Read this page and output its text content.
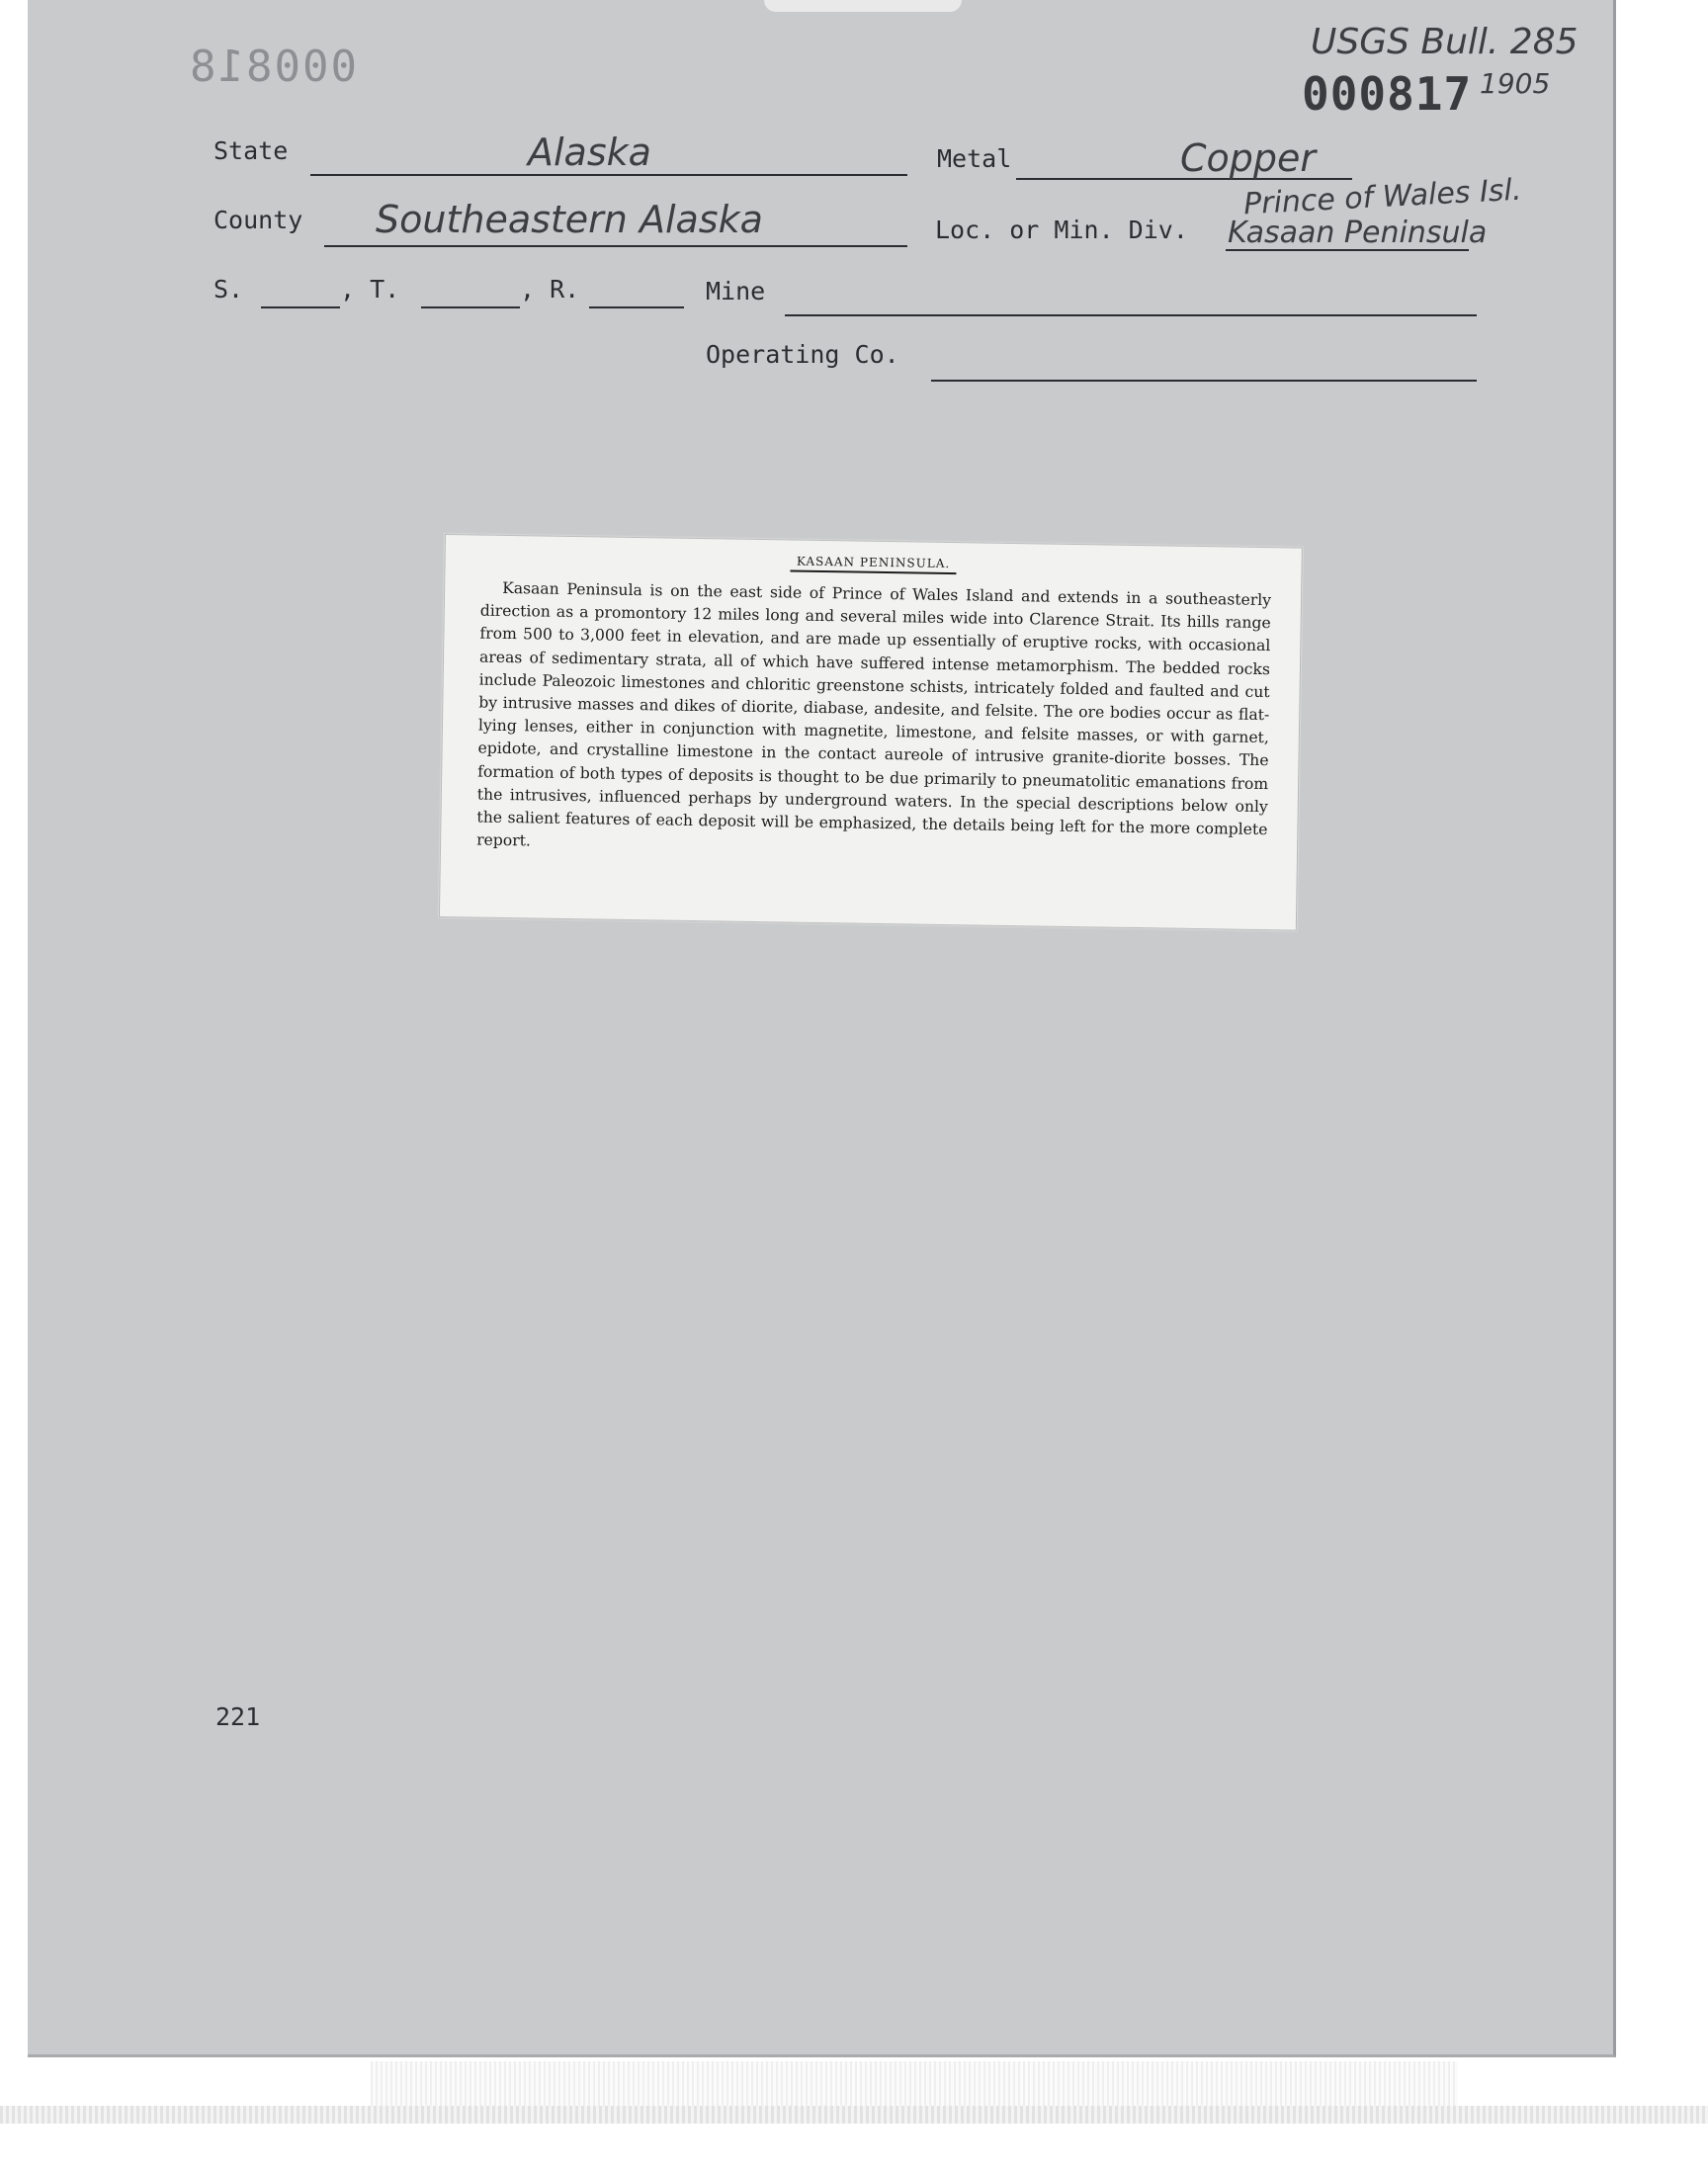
000818	USGS Bull. 285
000817 1905
State	Alaska	Metal	Copper
County Southeastern Alaska	Loc. or Min. Div.
Prince of Wales Isl.
Kasaan Peninsula
S.	, T.	, R.	Mine
Operating Co.
KASAAN PENINSULA.
Kasaan Peninsula is on the east side of Prince of Wales Island and extends in a southeasterly direction as a promontory 12 miles long and several miles wide into Clarence Strait. Its hills range from 500 to 3,000 feet in elevation, and are made up essentially of eruptive rocks, with occasional areas of sedimentary strata, all of which have suffered intense metamorphism. The bedded rocks include Paleozoic limestones and chloritic greenstone schists, intricately folded and faulted and cut by intrusive masses and dikes of diorite, diabase, andesite, and felsite. The ore bodies occur as flat-lying lenses, either in conjunction with magnetite, limestone, and felsite masses, or with garnet, epidote, and crystalline limestone in the contact aureole of intrusive granite-diorite bosses. The formation of both types of deposits is thought to be due primarily to pneumatolitic emanations from the intrusives, influenced perhaps by underground waters. In the special descriptions below only the salient features of each deposit will be emphasized, the details being left for the more complete report.
221
